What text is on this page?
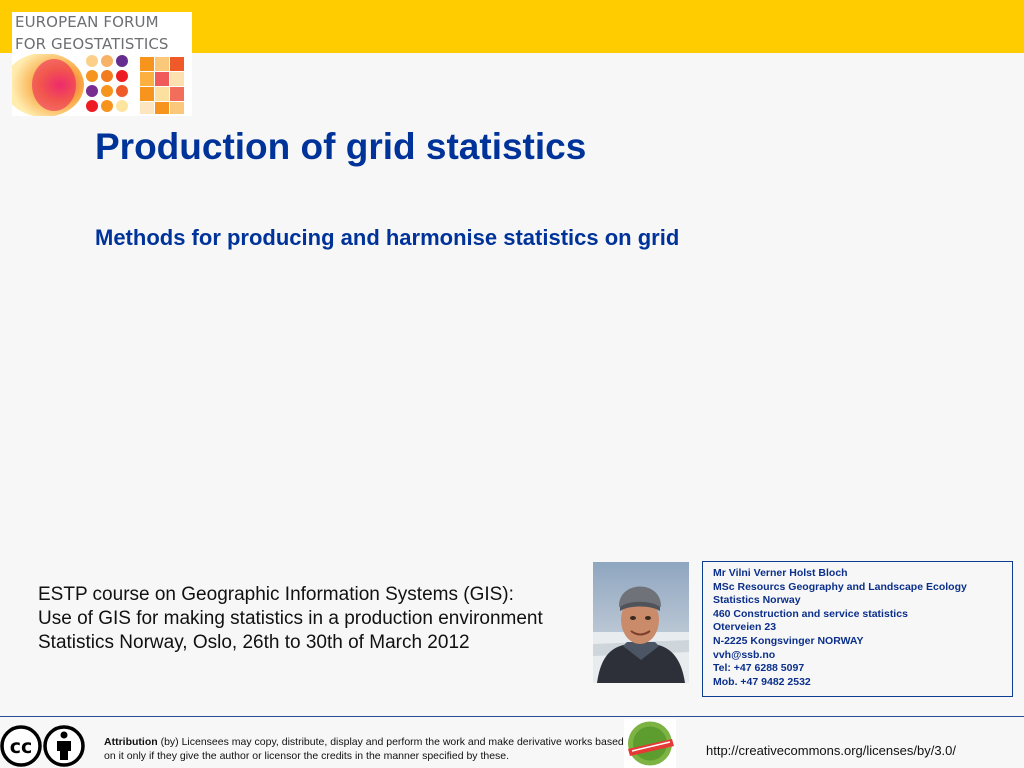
EUROPEAN FORUM
FOR GEOSTATISTICS
Production of grid statistics
Methods for producing and harmonise statistics on grid
ESTP course on Geographic Information Systems (GIS):
Use of GIS for making statistics in a production environment
Statistics Norway, Oslo, 26th to 30th of March 2012
Mr Vilni Verner Holst Bloch
MSc Resourcs Geography and Landscape Ecology
Statistics Norway
460 Construction and service statistics
Oterveien 23
N-2225 Kongsvinger NORWAY
vvh@ssb.no
Tel: +47 6288 5097
Mob. +47 9482 2532
cc	Attribution (by) Licensees may copy, distribute, display and perform the work and make derivative works based on it only if they give the author or licensor the credits in the manner specified by these.	http://creativecommons.org/licenses/by/3.0/
